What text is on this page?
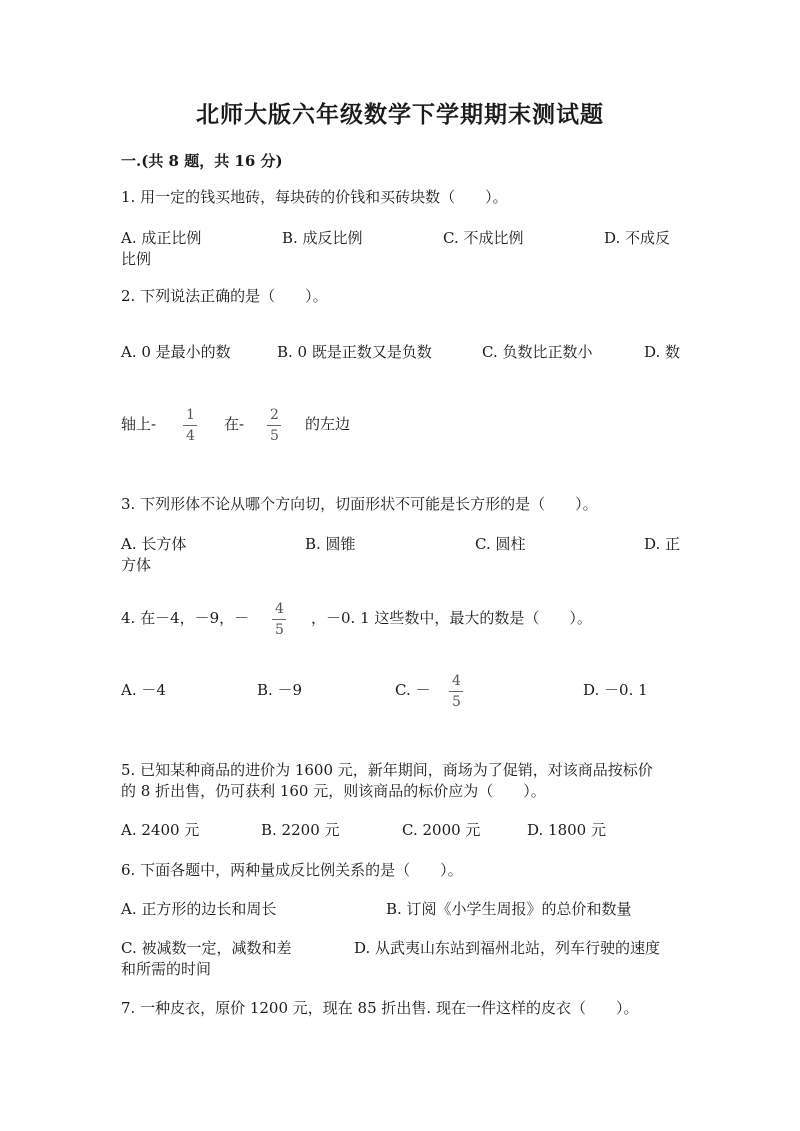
北师大版六年级数学下学期期末测试题
一.(共 8 题，共 16 分)
1. 用一定的钱买地砖，每块砖的价钱和买砖块数（　　）。
A. 成正比例	B. 成反比例	C. 不成比例	D. 不成反
比例
2. 下列说法正确的是（　　）。
A. 0 是最小的数	B. 0 既是正数又是负数	C. 负数比正数小	D. 数
轴上- 1
4
在- 2
5
的左边
3. 下列形体不论从哪个方向切，切面形状不可能是长方形的是（　　）。
A. 长方体	B. 圆锥	C. 圆柱	D. 正
方体
4. 在－4，－9，－ 4
5
，－0. 1 这些数中，最大的数是（　　）。
A. －4	B. －9	C. － 4
5
D. －0. 1
5. 已知某种商品的进价为 1600 元，新年期间，商场为了促销，对该商品按标价
的 8 折出售，仍可获利 160 元，则该商品的标价应为（　　）。
A. 2400 元	B. 2200 元	C. 2000 元	D. 1800 元
6. 下面各题中，两种量成反比例关系的是（　　）。
A. 正方形的边长和周长	B. 订阅《小学生周报》的总价和数量
C. 被减数一定，减数和差	D. 从武夷山东站到福州北站，列车行驶的速度
和所需的时间
7. 一种皮衣，原价 1200 元，现在 85 折出售. 现在一件这样的皮衣（　　）。
